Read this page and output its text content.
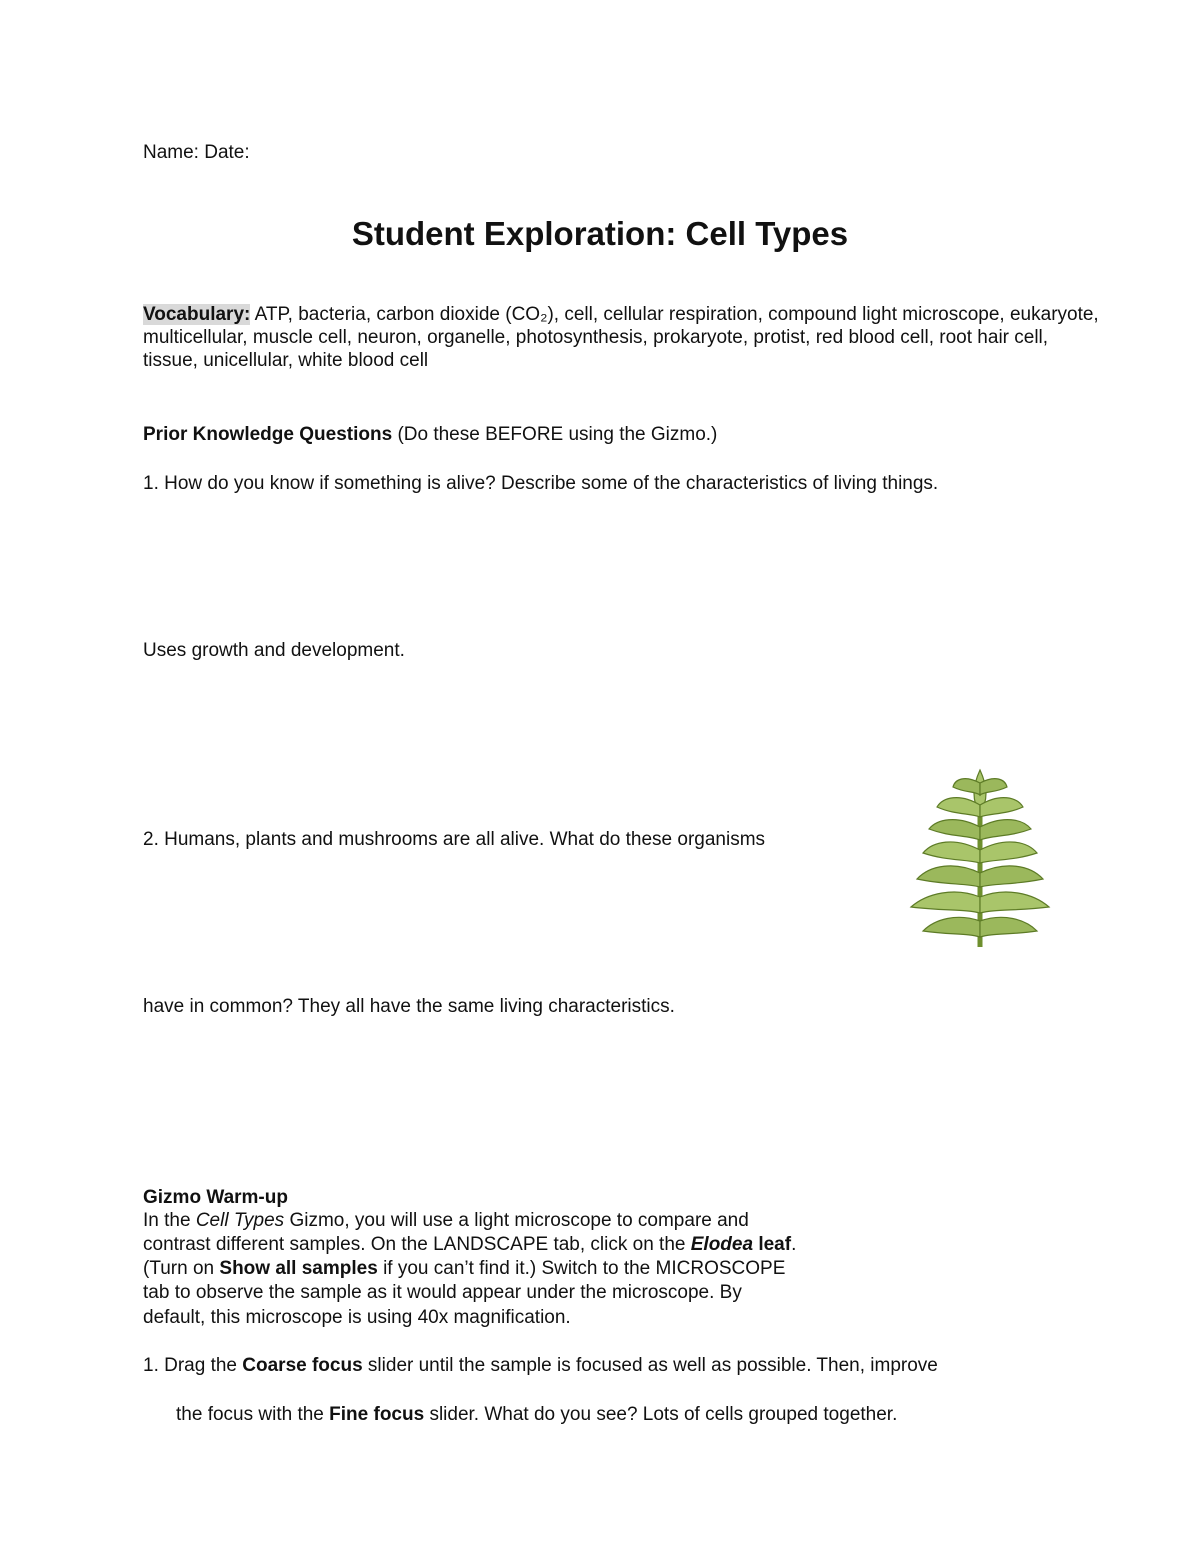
Name: Date:
Student Exploration: Cell Types
Vocabulary: ATP, bacteria, carbon dioxide (CO₂), cell, cellular respiration, compound light microscope, eukaryote, multicellular, muscle cell, neuron, organelle, photosynthesis, prokaryote, protist, red blood cell, root hair cell, tissue, unicellular, white blood cell
Prior Knowledge Questions (Do these BEFORE using the Gizmo.)
1. How do you know if something is alive? Describe some of the characteristics of living things.
Uses growth and development.
2. Humans, plants and mushrooms are all alive. What do these organisms
have in common? They all have the same living characteristics.
Gizmo Warm-up
In the Cell Types Gizmo, you will use a light microscope to compare and
contrast different samples. On the LANDSCAPE tab, click on the Elodea leaf.
(Turn on Show all samples if you can’t find it.) Switch to the MICROSCOPE
tab to observe the sample as it would appear under the microscope. By
default, this microscope is using 40x magnification.
1. Drag the Coarse focus slider until the sample is focused as well as possible. Then, improve
the focus with the Fine focus slider. What do you see? Lots of cells grouped together.
